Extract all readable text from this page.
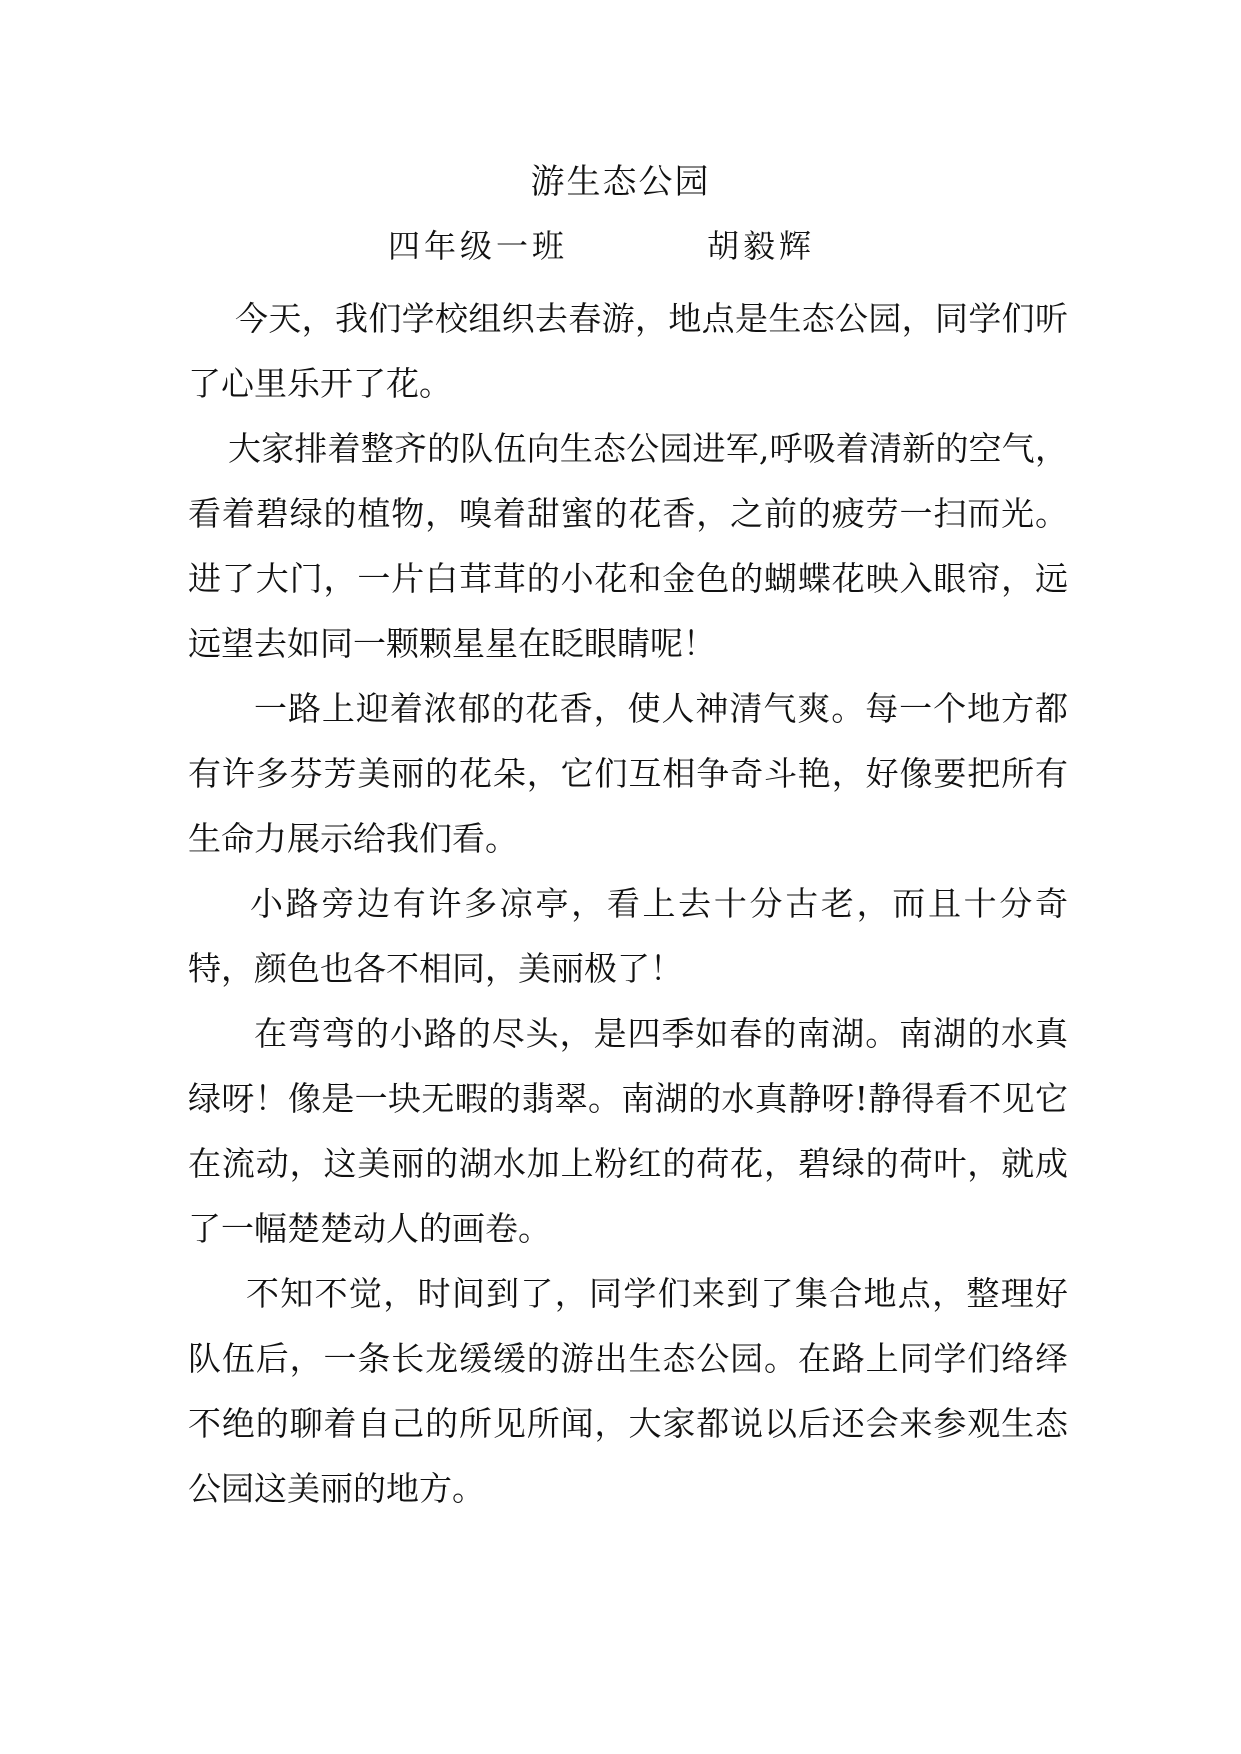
游生态公园
四年级一班	胡毅辉

今天，我们学校组织去春游，地点是生态公园，同学们听了心里乐开了花。

大家排着整齐的队伍向生态公园进军,呼吸着清新的空气，看着碧绿的植物，嗅着甜蜜的花香，之前的疲劳一扫而光。进了大门，一片白茸茸的小花和金色的蝴蝶花映入眼帘，远远望去如同一颗颗星星在眨眼睛呢！

一路上迎着浓郁的花香，使人神清气爽。每一个地方都有许多芬芳美丽的花朵，它们互相争奇斗艳，好像要把所有生命力展示给我们看。

小路旁边有许多凉亭，看上去十分古老，而且十分奇特，颜色也各不相同，美丽极了！

在弯弯的小路的尽头，是四季如春的南湖。南湖的水真绿呀！像是一块无暇的翡翠。南湖的水真静呀!静得看不见它在流动，这美丽的湖水加上粉红的荷花，碧绿的荷叶，就成了一幅楚楚动人的画卷。

不知不觉，时间到了，同学们来到了集合地点，整理好队伍后，一条长龙缓缓的游出生态公园。在路上同学们络绎不绝的聊着自己的所见所闻，大家都说以后还会来参观生态公园这美丽的地方。
